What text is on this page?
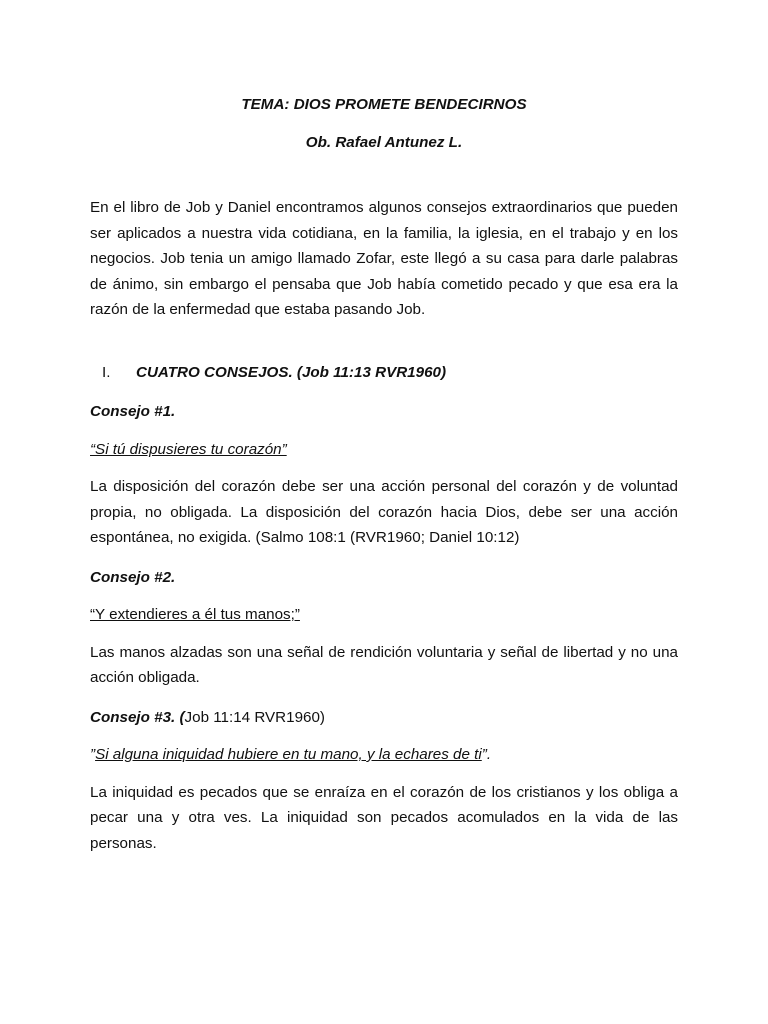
TEMA: DIOS PROMETE BENDECIRNOS

Ob. Rafael Antunez L.

En el libro de Job y Daniel encontramos algunos consejos extraordinarios que pueden ser aplicados a nuestra vida cotidiana, en la familia, la iglesia, en el trabajo y en los negocios. Job tenia un amigo llamado Zofar, este llegó a su casa para darle palabras de ánimo, sin embargo el pensaba que Job había cometido pecado y que esa era la razón de la enfermedad que estaba pasando Job.

I.	CUATRO CONSEJOS. (Job 11:13 RVR1960)

Consejo #1.

“Si tú dispusieres tu corazón”

La disposición del corazón debe ser una acción personal del corazón y de voluntad propia, no obligada. La disposición del corazón hacia Dios, debe ser una acción espontánea, no exigida. (Salmo 108:1 (RVR1960; Daniel 10:12)

Consejo #2.

“Y extendieres a él tus manos;”

Las manos alzadas son una señal de rendición voluntaria y señal de libertad y no una acción obligada.

Consejo #3. (Job 11:14 RVR1960)

”Si alguna iniquidad hubiere en tu mano, y la echares de ti”.

La iniquidad es pecados que se enraíza en el corazón de los cristianos y los obliga a pecar una y otra ves. La iniquidad son pecados acomulados en la vida de las personas.
